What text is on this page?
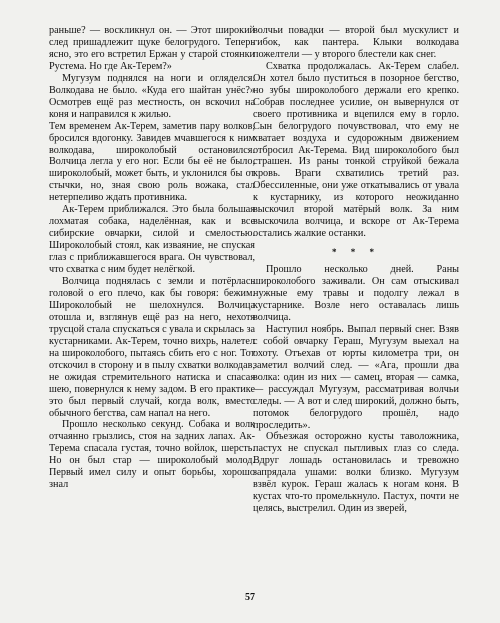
раньше? — воскликнул он. — Этот широкий след пришадлежит щуке белогрудого. Теперь ясно, это его встретил Ержан у старой стоянки Рустема. Но где Ак-Терем?»

Мугузум поднялся на ноги и огляделся. Волкодава не было. «Куда его шайтан унёс?» Осмотрев ещё раз местность, он вскочил на коня и направился к жилью.

Тем временем Ак-Терем, заметив пару волков, бросился вдогонку. Завидев мчавшегося к ним волкодава, широколобый остановился. Волчица легла у его ног. Если бы её не было, широколобый, может быть, и уклонился бы от стычки, но, зная свою роль вожака, стал нетерпеливо ждать противника.

Ак-Терем приближался. Это была большая лохматая собака, наделённая, как и все сибирские овчарки, силой и смелостью. Широколобый стоял, как изваяние, не спуская глаз с приближавшегося врага. Он чувствовал, что схватка с ним будет нелёгкой.

Волчица поднялась с земли и потёрлась головой о его плечо, как бы говоря: бежим. Широколобый не шелохнулся. Волчица отошла и, взглянув ещё раз на него, нехотя трусцой стала спускаться с увала и скрылась за кустарниками. Ак-Терем, точно вихрь, налетел на широколобого, пытаясь сбить его с ног. Тот отскочил в сторону и в пылу схватки волкодав, не ожидая стремительного натиска и спасая шею, повернулся к нему задом. В его практике это был первый случай, когда волк, вместо обычного бегства, сам напал на него.

Прошло несколько секунд. Собака и волк отчаянно грызлись, стоя на задних лапах. Ак-Терема спасала густая, точно войлок, шерсть. Но он был стар — широколобый молод. Первый имел силу и опыт борьбы, хорошо знал

волчьи повадки — второй был мускулист и гибок, как пантера. Клыки волкодава пожелтели — у второго блестели как снег.

Схватка продолжалась. Ак-Терем слабел. Он хотел было пуститься в позорное бегство, но зубы широколобого держали его крепко. Собрав последнее усилие, он вывернулся от своего противника и вцепился ему в горло. Сын белогрудого почувствовал, что ему не хватает воздуха и судорожным движением отбросил Ак-Терема. Вид широколобого был страшен. Из раны тонкой струйкой бежала кровь. Враги схватились третий раз. Обессиленные, они уже откатывались от увала к кустарнику, из которого неожиданно выскочил второй матёрый волк. За ним выскочила волчица, и вскоре от Ак-Терема остались жалкие останки.

* * *

Прошло несколько дней. Раны широколобого заживали. Он сам отыскивал нужные ему травы и подолгу лежал в кустарнике. Возле него оставалась лишь волчица.

Наступил ноябрь. Выпал первый снег. Взяв с собой овчарку Гераш, Мугузум выехал на охоту. Отъехав от юрты километра три, он заметил волчий след. — «Ага, прошли два волка: один из них — самец, вторая — самка, — рассуждал Мугузум, рассматривая волчьи следы. — А вот и след широкий, должно быть, потомок белогрудого прошёл, надо проследить».

Объезжая осторожно кусты таволожника, пастух не спускал пытливых глаз со следа. Вдруг лошадь остановилась и тревожно запрядала ушами: волки близко. Мугузум взвёл курок. Гераш жалась к ногам коня. В кустах что-то промелькнуло. Пастух, почти не целясь, выстрелил. Один из зверей,

57
